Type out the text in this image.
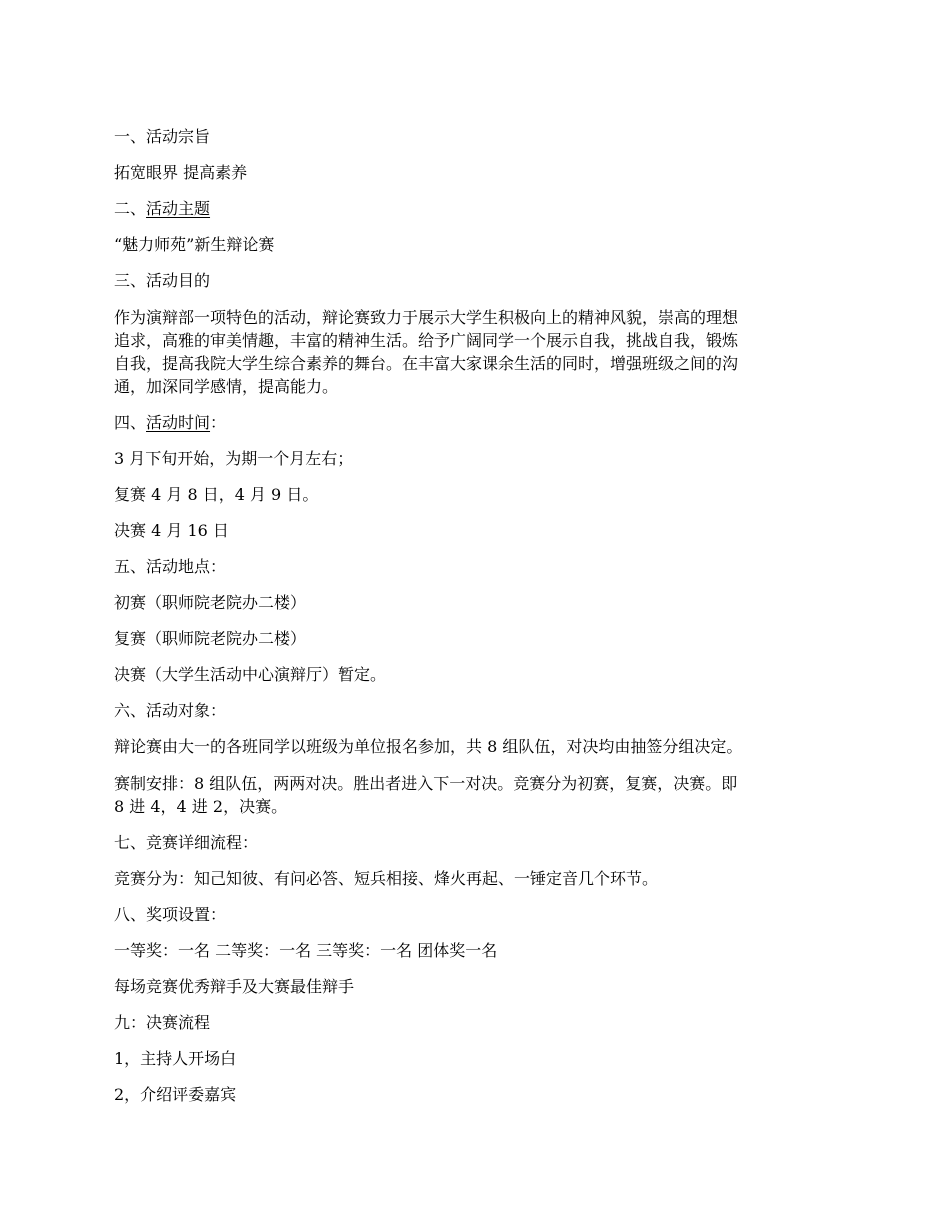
一、活动宗旨
拓宽眼界 提高素养
二、活动主题
“魅力师苑”新生辩论赛
三、活动目的
作为演辩部一项特色的活动，辩论赛致力于展示大学生积极向上的精神风貌，崇高的理想
追求，高雅的审美情趣，丰富的精神生活。给予广阔同学一个展示自我，挑战自我，锻炼
自我，提高我院大学生综合素养的舞台。在丰富大家课余生活的同时，增强班级之间的沟
通，加深同学感情，提高能力。
四、活动时间：
3 月下旬开始，为期一个月左右；
复赛 4 月 8 日，4 月 9 日。
决赛 4 月 16 日
五、活动地点：
初赛（职师院老院办二楼）
复赛（职师院老院办二楼）
决赛（大学生活动中心演辩厅）暂定。
六、活动对象：
辩论赛由大一的各班同学以班级为单位报名参加，共 8 组队伍，对决均由抽签分组决定。
赛制安排：8 组队伍，两两对决。胜出者进入下一对决。竞赛分为初赛，复赛，决赛。即
8 进 4，4 进 2，决赛。
七、竞赛详细流程：
竞赛分为：知己知彼、有问必答、短兵相接、烽火再起、一锤定音几个环节。
八、奖项设置：
一等奖：一名 二等奖：一名 三等奖：一名 团体奖一名
每场竞赛优秀辩手及大赛最佳辩手
九：决赛流程
1，主持人开场白
2，介绍评委嘉宾
